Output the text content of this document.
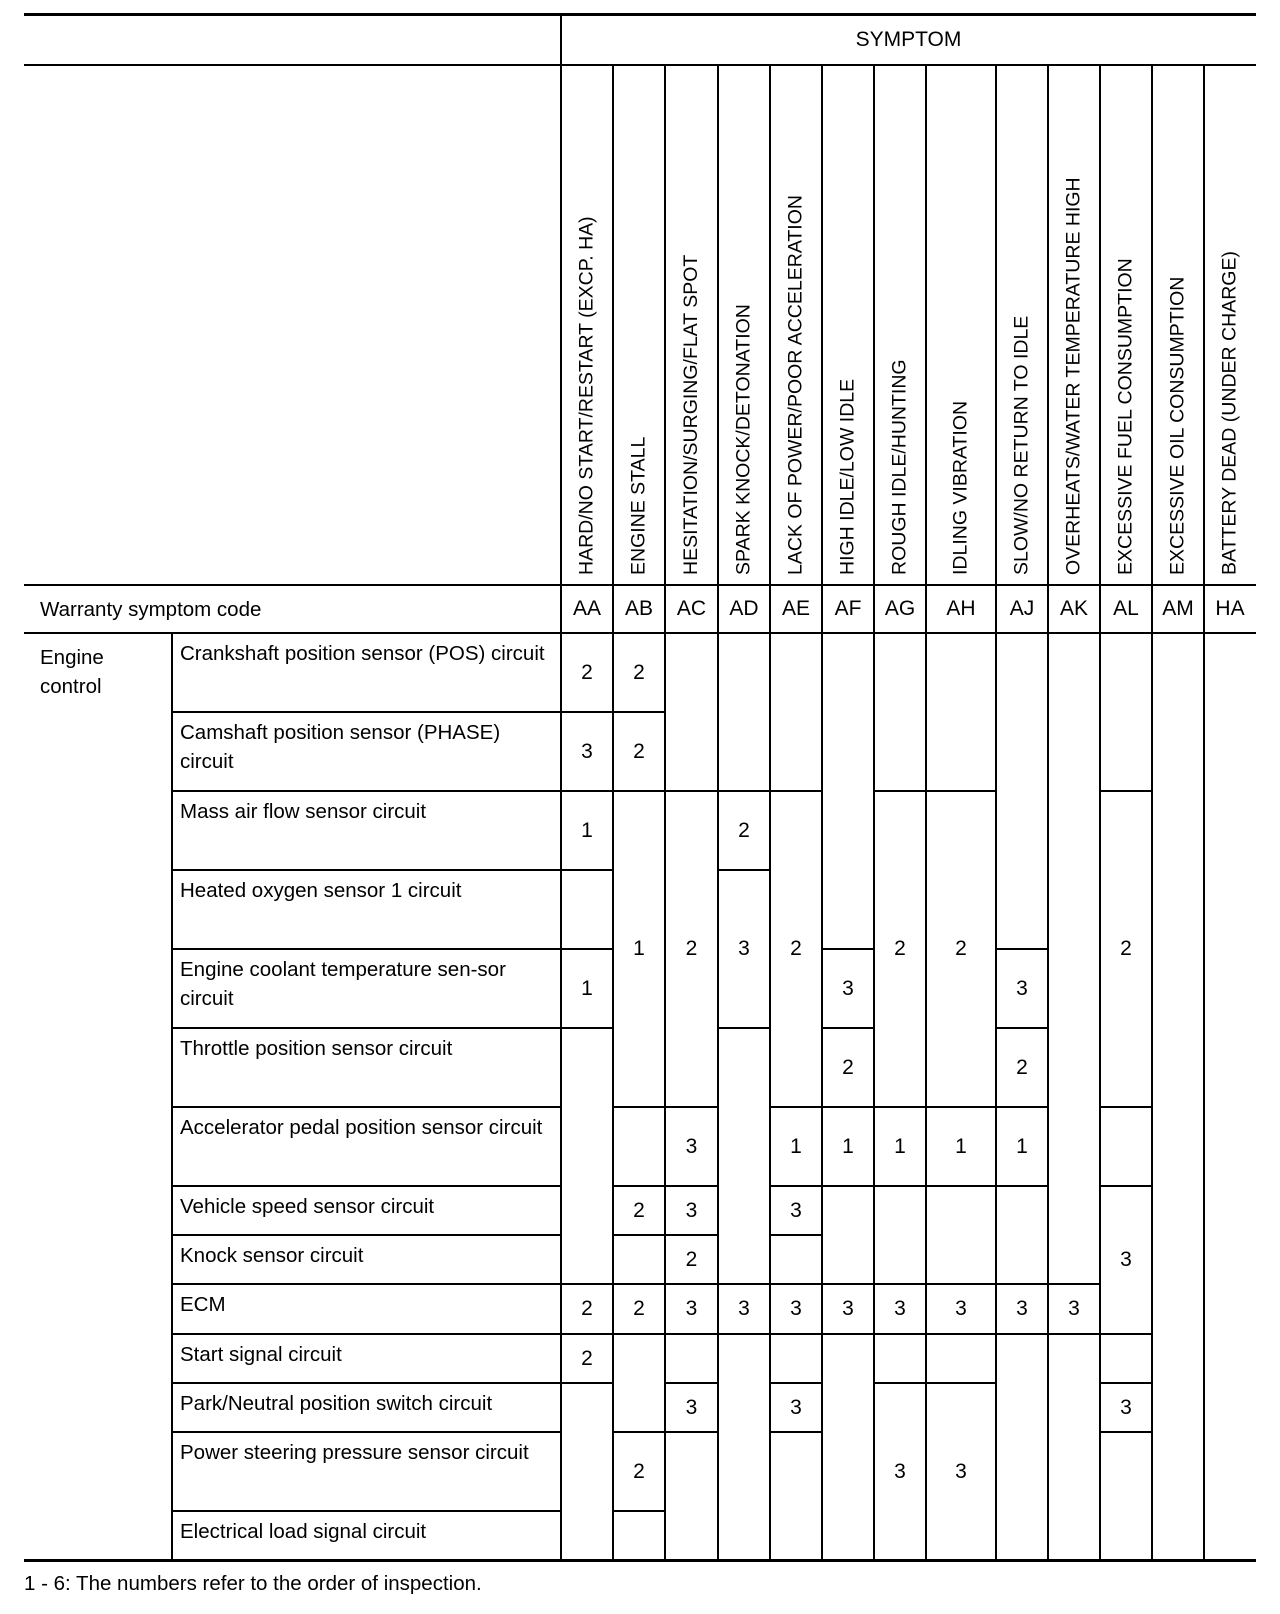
SYMPTOM
HARD/NO START/RESTART (EXCP. HA)
AA
ENGINE STALL
AB
HESITATION/SURGING/FLAT SPOT
AC
SPARK KNOCK/DETONATION
AD
LACK OF POWER/POOR ACCELERATION
AE
HIGH IDLE/LOW IDLE
AF
ROUGH IDLE/HUNTING
AG
IDLING VIBRATION
AH
SLOW/NO RETURN TO IDLE
AJ
OVERHEATS/WATER TEMPERATURE HIGH
AK
EXCESSIVE FUEL CONSUMPTION
AL
EXCESSIVE OIL CONSUMPTION
AM
BATTERY DEAD (UNDER CHARGE)
HA
Warranty symptom code
Engine control
Crankshaft position sensor (POS) circuit
Camshaft position sensor (PHASE) circuit
Mass air flow sensor circuit
Heated oxygen sensor 1 circuit
Engine coolant temperature sen-sor circuit
Throttle position sensor circuit
Accelerator pedal position sensor circuit
Vehicle speed sensor circuit
Knock sensor circuit
ECM
Start signal circuit
Park/Neutral position switch circuit
Power steering pressure sensor circuit
Electrical load signal circuit
2
3
1
1
2
2
2
2
1
2
2
2
2
3
3
2
3
3
2
3
3
2
1
3
3
3
3
2
1
3
2
1
3
3
2
1
3
3
3
2
1
3	3
2
3
3
1 - 6: The numbers refer to the order of inspection.
